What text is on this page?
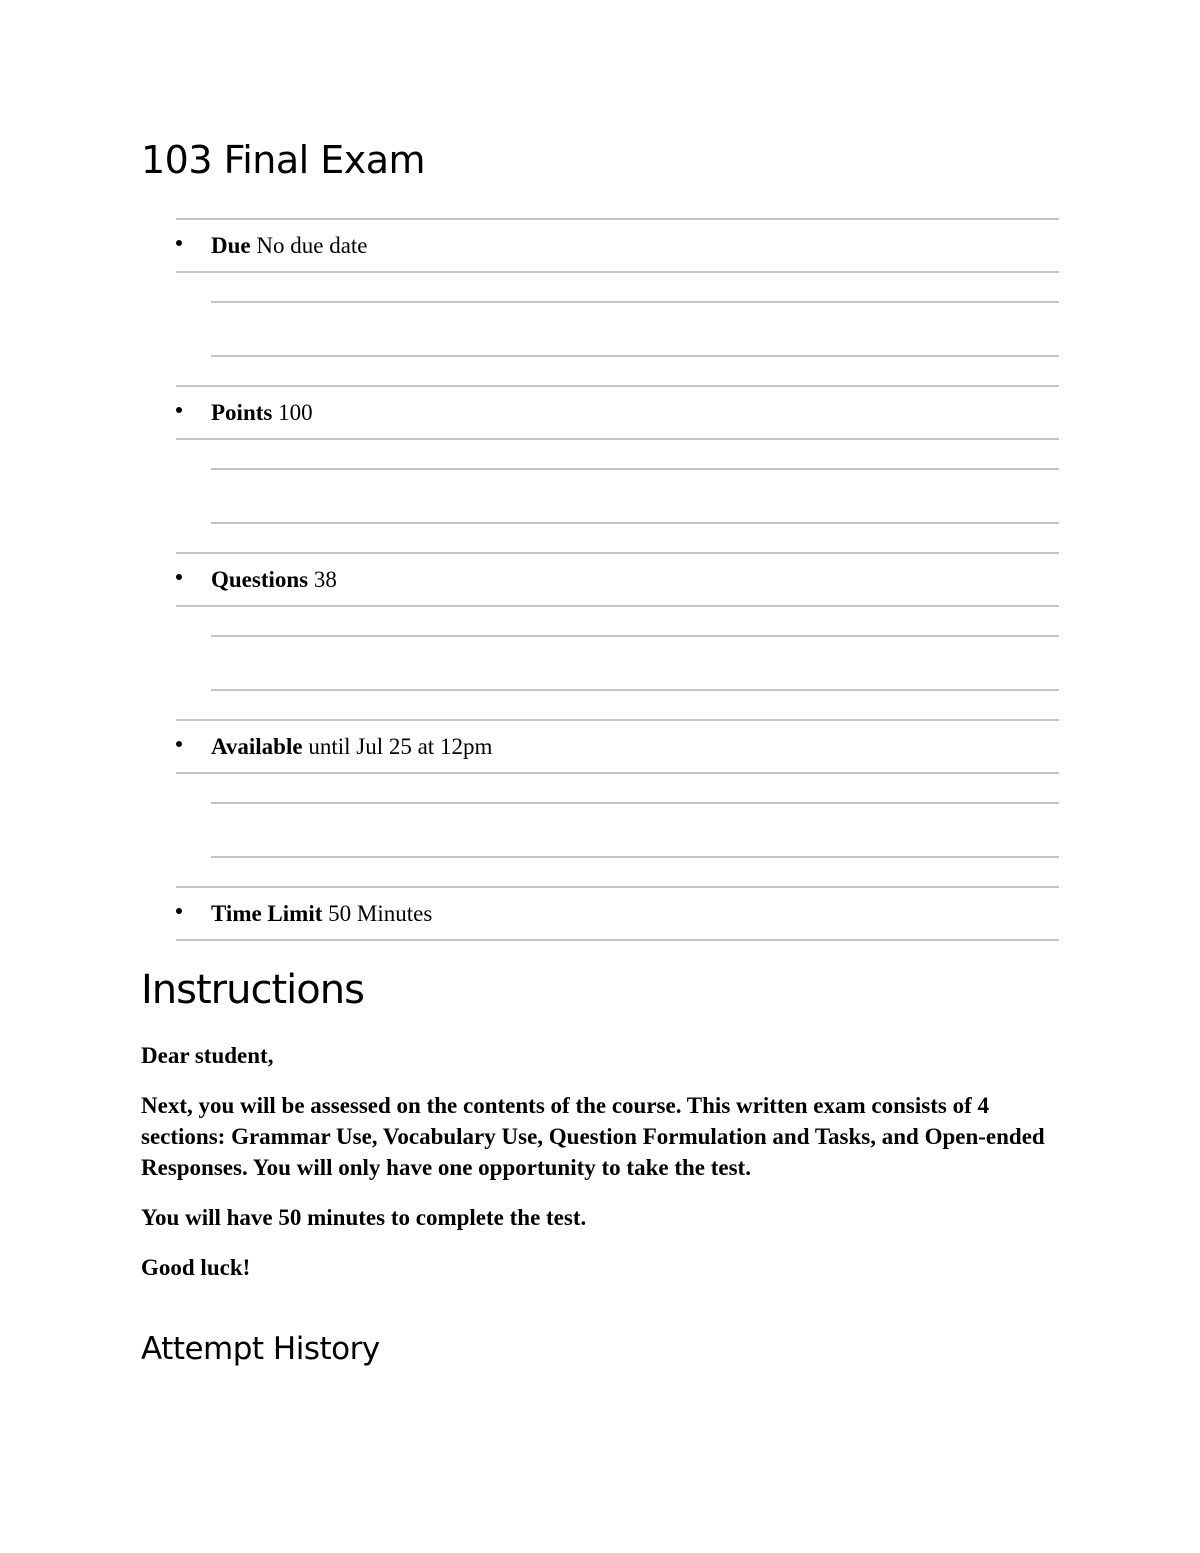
103 Final Exam
Due No due date
Points 100
Questions 38
Available until Jul 25 at 12pm
Time Limit 50 Minutes
Instructions

Dear student,

Next, you will be assessed on the contents of the course. This written exam consists of 4 sections: Grammar Use, Vocabulary Use, Question Formulation and Tasks, and Open-ended Responses. You will only have one opportunity to take the test.

You will have 50 minutes to complete the test.

Good luck!

Attempt History
